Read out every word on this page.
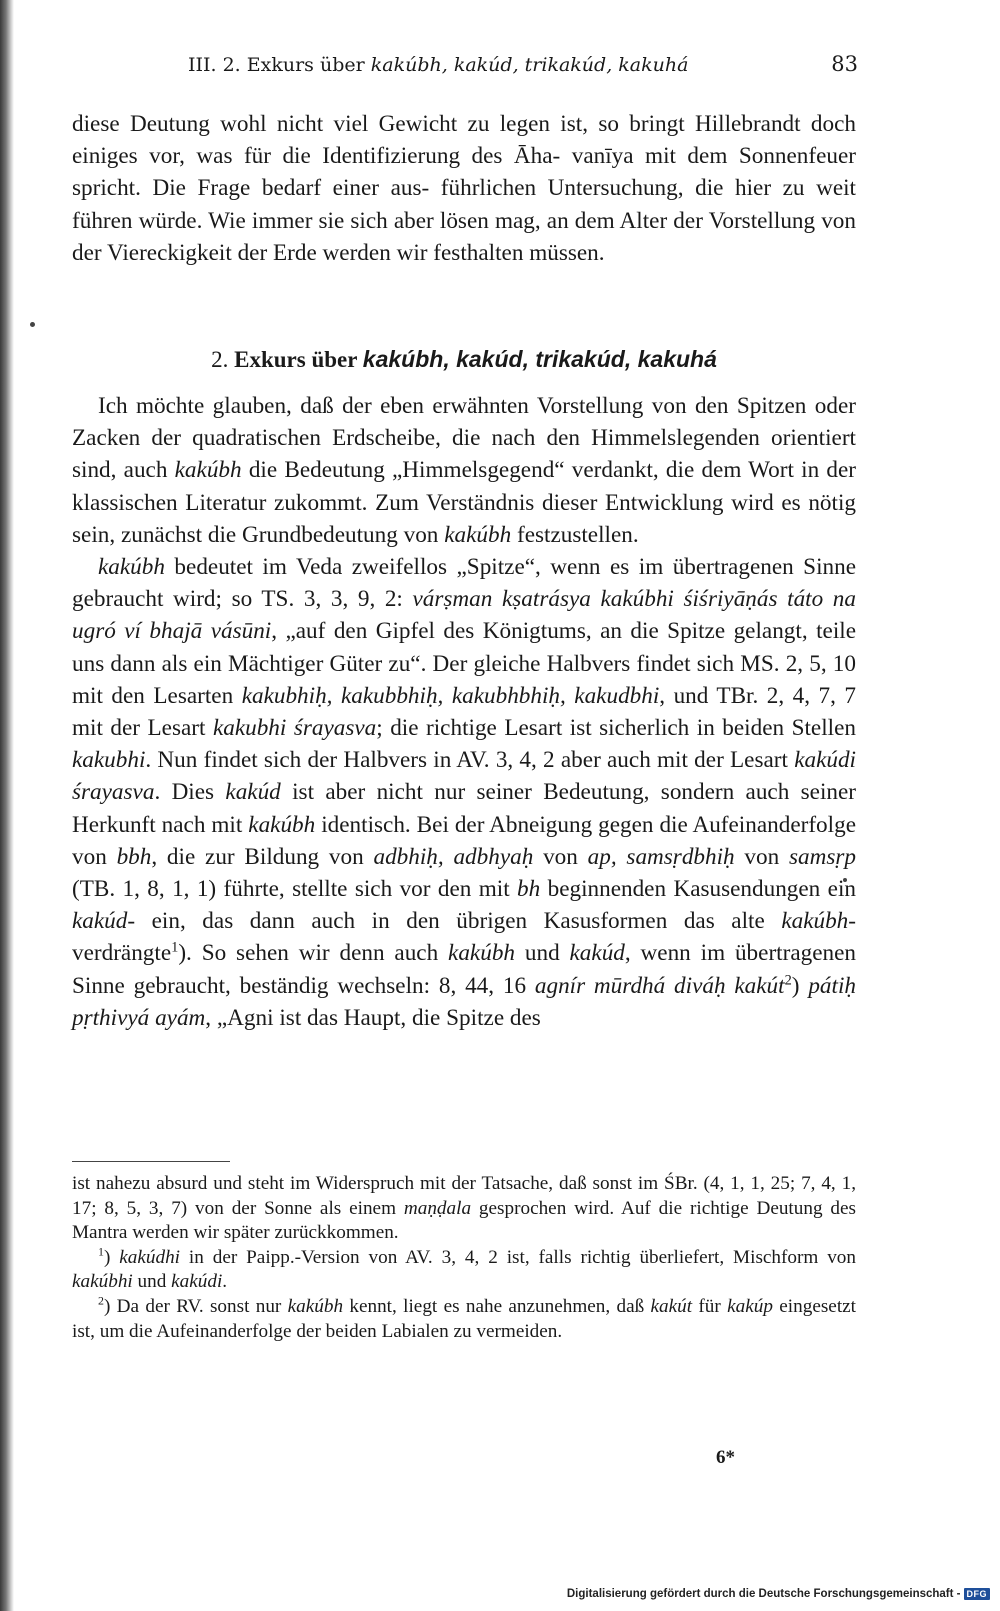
III. 2. Exkurs über kakúbh, kakúd, trikakúd, kakuhá	83

diese Deutung wohl nicht viel Gewicht zu legen ist, so bringt Hillebrandt doch einiges vor, was für die Identifizierung des Āha- vanīya mit dem Sonnenfeuer spricht. Die Frage bedarf einer aus- führlichen Untersuchung, die hier zu weit führen würde. Wie immer sie sich aber lösen mag, an dem Alter der Vorstellung von der Viereckigkeit der Erde werden wir festhalten müssen.

2. Exkurs über kakúbh, kakúd, trikakúd, kakuhá

Ich möchte glauben, daß der eben erwähnten Vorstellung von den Spitzen oder Zacken der quadratischen Erdscheibe, die nach den Himmelslegenden orientiert sind, auch kakúbh die Bedeutung „Himmelsgegend“ verdankt, die dem Wort in der klassischen Literatur zukommt. Zum Verständnis dieser Entwicklung wird es nötig sein, zunächst die Grundbedeutung von kakúbh festzustellen.

kakúbh bedeutet im Veda zweifellos „Spitze“, wenn es im übertragenen Sinne gebraucht wird; so TS. 3, 3, 9, 2: várṣman kṣatrásya kakúbhi śiśriyāṇás táto na ugró ví bhajā vásūni, „auf den Gipfel des Königtums, an die Spitze gelangt, teile uns dann als ein Mächtiger Güter zu“. Der gleiche Halbvers findet sich MS. 2, 5, 10 mit den Lesarten kakubhiḥ, kakubbhiḥ, kakubhbhiḥ, kakudbhi, und TBr. 2, 4, 7, 7 mit der Lesart kakubhi śrayasva; die richtige Lesart ist sicherlich in beiden Stellen kakubhi. Nun findet sich der Halbvers in AV. 3, 4, 2 aber auch mit der Lesart kakúdi śrayasva. Dies kakúd ist aber nicht nur seiner Bedeutung, sondern auch seiner Herkunft nach mit kakúbh identisch. Bei der Abneigung gegen die Aufeinanderfolge von bbh, die zur Bildung von adbhiḥ, adbhyaḥ von ap, samsṛdbhiḥ von samsṛp (TB. 1, 8, 1, 1) führte, stellte sich vor den mit bh beginnenden Kasusendungen ein kakúd- ein, das dann auch in den übrigen Kasusformen das alte kakúbh- verdrängte$^1$). So sehen wir denn auch kakúbh und kakúd, wenn im übertragenen Sinne gebraucht, beständig wechseln: 8, 44, 16 agnír mūrdhá diváḥ kakút$^2$) pátiḥ pṛthivyá ayám, „Agni ist das Haupt, die Spitze des

ist nahezu absurd und steht im Widerspruch mit der Tatsache, daß sonst im ŚBr. (4, 1, 1, 25; 7, 4, 1, 17; 8, 5, 3, 7) von der Sonne als einem maṇḍala gesprochen wird. Auf die richtige Deutung des Mantra werden wir später zurückkommen.

$^1$) kakúdhi in der Paipp.-Version von AV. 3, 4, 2 ist, falls richtig überliefert, Mischform von kakúbhi und kakúdi.

$^2$) Da der RV. sonst nur kakúbh kennt, liegt es nahe anzunehmen, daß kakút für kakúp eingesetzt ist, um die Aufeinanderfolge der beiden Labialen zu vermeiden.

6*
Digitalisierung gefördert durch die Deutsche Forschungsgemeinschaft - DFG
